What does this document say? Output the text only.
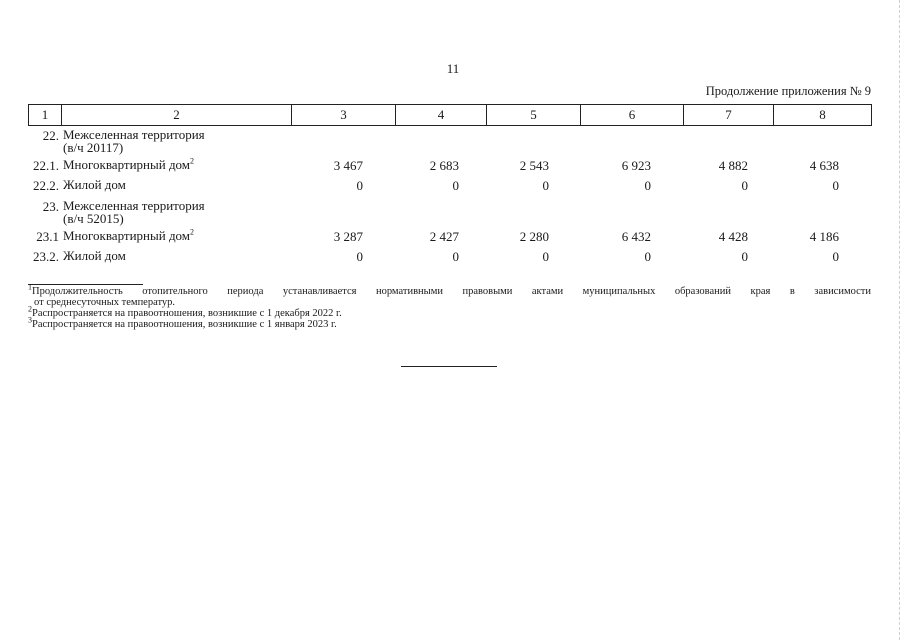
11
Продолжение приложения № 9
1	2	3	4	5	6	7	8
22. Межселенная территория
(в/ч 20117)
22.1. Многоквартирный дом$^2$	3 467	2 683	2 543	6 923	4 882	4 638
22.2. Жилой дом	0	0	0	0	0	0
23. Межселенная территория
(в/ч 52015)
23.1 Многоквартирный дом$^2$	3 287	2 427	2 280	6 432	4 428	4 186
23.2. Жилой дом	0	0	0	0	0	0
$^1$Продолжительность отопительного периода устанавливается нормативными правовыми актами муниципальных образований края в зависимости
от среднесуточных температур.
$^2$Распространяется на правоотношения, возникшие с 1 декабря 2022 г.
$^3$Распространяется на правоотношения, возникшие с 1 января 2023 г.
